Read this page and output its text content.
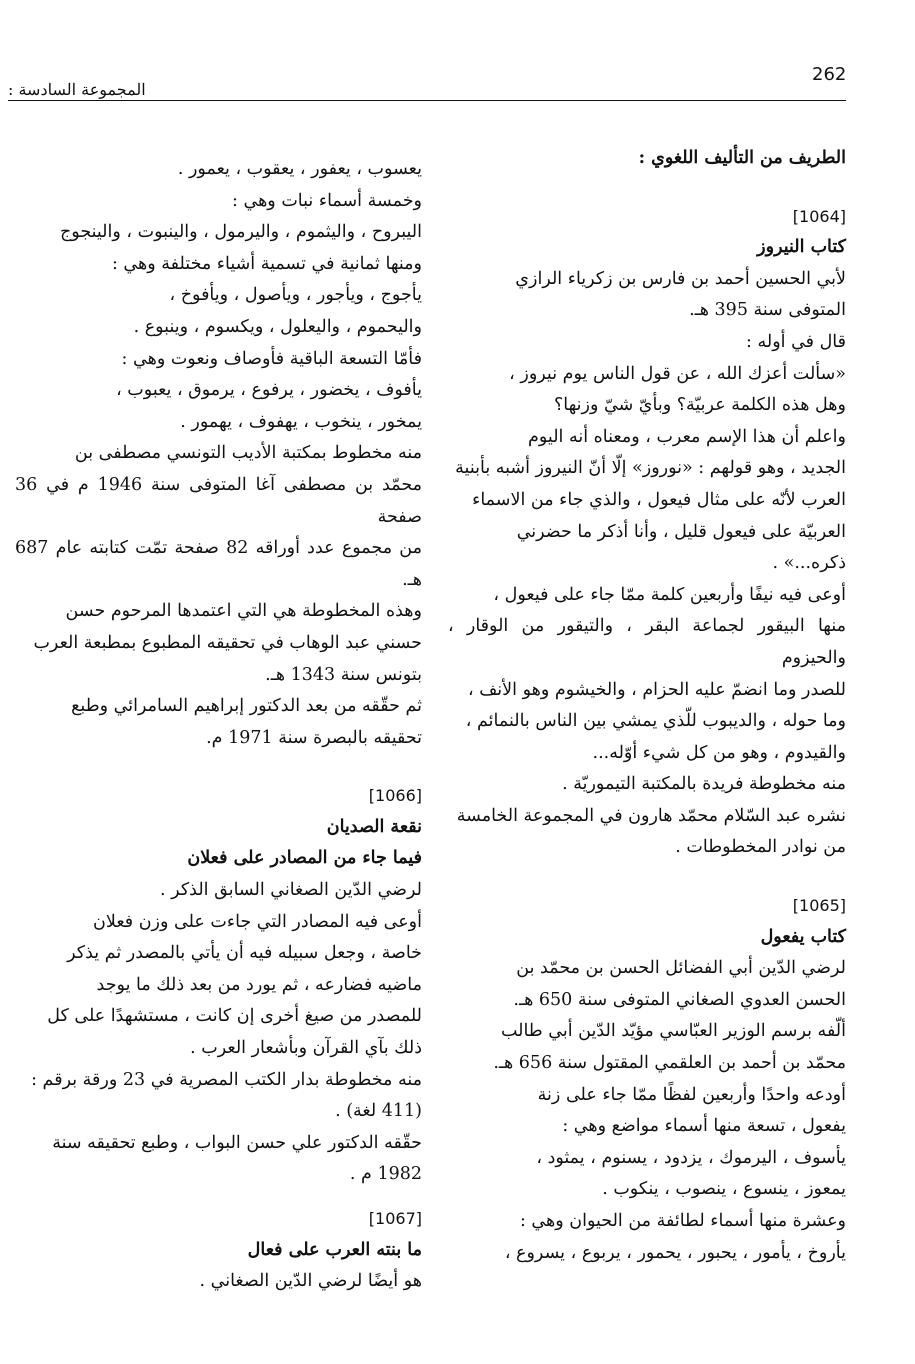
262
المجموعة السادسة :

الطريف من التأليف اللغوي :

[1064]

كتاب النيروز

لأبي الحسين أحمد بن فارس بن زكرياء الرازي

المتوفى سنة 395 هـ.

قال في أوله :

«سألت أعزك الله ، عن قول الناس يوم نيروز ،

وهل هذه الكلمة عربيّة؟ وبأيّ شيّ وزنها؟

واعلم أن هذا الإسم معرب ، ومعناه أنه اليوم

الجديد ، وهو قولهم : «نوروز» إلّا أنّ النيروز أشبه بأبنية

العرب لأنّه على مثال فيعول ، والذي جاء من الاسماء

العربيّة على فيعول قليل ، وأنا أذكر ما حضرني

ذكره...» .

أوعى فيه نيفًا وأربعين كلمة ممّا جاء على فيعول ،

منها البيقور لجماعة البقر ، والتيقور من الوقار ، والحيزوم

للصدر وما انضمّ عليه الحزام ، والخيشوم وهو الأنف ،

وما حوله ، والديبوب للّذي يمشي بين الناس بالنمائم ،

والقيدوم ، وهو من كل شيء أوّله...

منه مخطوطة فريدة بالمكتبة التيموريّة .

نشره عبد السّلام محمّد هارون في المجموعة الخامسة

من نوادر المخطوطات .

[1065]

كتاب يفعول

لرضي الدّين أبي الفضائل الحسن بن محمّد بن

الحسن العدوي الصغاني المتوفى سنة 650 هـ.

ألّفه برسم الوزير العبّاسي مؤيّد الدّين أبي طالب

محمّد بن أحمد بن العلقمي المقتول سنة 656 هـ.

أودعه واحدًا وأربعين لفظًا ممّا جاء على زنة

يفعول ، تسعة منها أسماء مواضع وهي :

يأسوف ، اليرموك ، يزدود ، يسنوم ، يمثود ،

يمعوز ، ينسوع ، ينصوب ، ينكوب .

وعشرة منها أسماء لطائفة من الحيوان وهي :

يأروخ ، يأمور ، يحبور ، يحمور ، يربوع ، يسروع ،

يعسوب ، يعفور ، يعقوب ، يعمور .

وخمسة أسماء نبات وهي :

اليبروح ، واليثموم ، واليرمول ، والينبوت ، والينجوج

ومنها ثمانية في تسمية أشياء مختلفة وهي :

يأجوج ، ويأجور ، ويأصول ، ويأفوخ ،

واليحموم ، واليعلول ، ويكسوم ، وينبوع .

فأمّا التسعة الباقية فأوصاف ونعوت وهي :

يأفوف ، يخضور ، يرفوع ، يرموق ، يعبوب ،

يمخور ، ينخوب ، يهفوف ، يهمور .

منه مخطوط بمكتبة الأديب التونسي مصطفى بن

محمّد بن مصطفى آغا المتوفى سنة 1946 م في 36 صفحة

من مجموع عدد أوراقه 82 صفحة تمّت كتابته عام 687 هـ.

وهذه المخطوطة هي التي اعتمدها المرحوم حسن

حسني عبد الوهاب في تحقيقه المطبوع بمطبعة العرب

بتونس سنة 1343 هـ.

ثم حقّقه من بعد الدكتور إبراهيم السامرائي وطبع

تحقيقه بالبصرة سنة 1971 م.

[1066]

نقعة الصديان

فيما جاء من المصادر على فعلان

لرضي الدّين الصغاني السابق الذكر .

أوعى فيه المصادر التي جاءت على وزن فعلان

خاصة ، وجعل سبيله فيه أن يأتي بالمصدر ثم يذكر

ماضيه فضارعه ، ثم يورد من بعد ذلك ما يوجد

للمصدر من صيغ أخرى إن كانت ، مستشهدًا على كل

ذلك بآي القرآن وبأشعار العرب .

منه مخطوطة بدار الكتب المصرية في 23 ورقة برقم :

(411 لغة) .

حقّقه الدكتور علي حسن البواب ، وطبع تحقيقه سنة

1982 م .

[1067]

ما بنته العرب على فعال

هو أيضًا لرضي الدّين الصغاني .
